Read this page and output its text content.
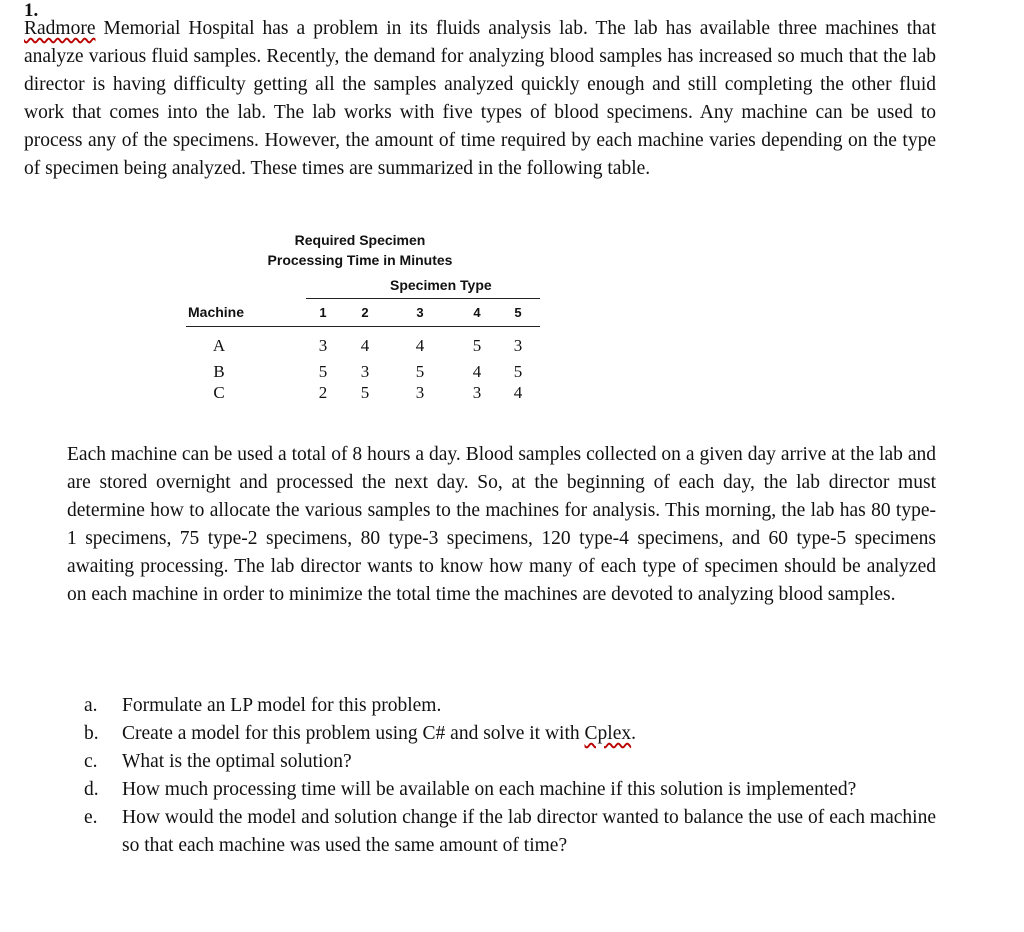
1.
Radmore Memorial Hospital has a problem in its fluids analysis lab. The lab has available three machines that analyze various fluid samples. Recently, the demand for analyzing blood samples has increased so much that the lab director is having difficulty getting all the samples analyzed quickly enough and still completing the other fluid work that comes into the lab. The lab works with five types of blood specimens. Any machine can be used to process any of the specimens. However, the amount of time required by each machine varies depending on the type of specimen being analyzed. These times are summarized in the following table.
Required Specimen
Processing Time in Minutes
Specimen Type
Machine	1	2	3	4	5
A	3	4	4	5	3
B	5	3	5	4	5
C	2	5	3	3	4
Each machine can be used a total of 8 hours a day. Blood samples collected on a given day arrive at the lab and are stored overnight and processed the next day. So, at the beginning of each day, the lab director must determine how to allocate the various samples to the machines for analysis. This morning, the lab has 80 type-1 specimens, 75 type-2 specimens, 80 type-3 specimens, 120 type-4 specimens, and 60 type-5 specimens awaiting processing. The lab director wants to know how many of each type of specimen should be analyzed on each machine in order to minimize the total time the machines are devoted to analyzing blood samples.
a.	Formulate an LP model for this problem.
b.	Create a model for this problem using C# and solve it with Cplex.
c.	What is the optimal solution?
d.	How much processing time will be available on each machine if this solution is implemented?
e.	How would the model and solution change if the lab director wanted to balance the use of each machine so that each machine was used the same amount of time?
